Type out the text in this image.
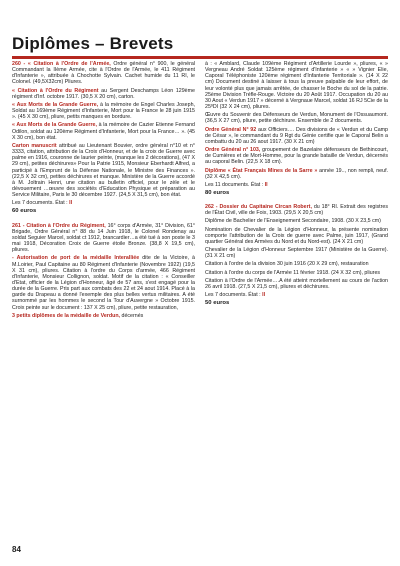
Diplômes – Brevets

260 - « Citation à l'Ordre de l'Armée, Ordre général n° 900, le général Commandant la IIème Armée, cite à l'Ordre de l'Armée, le 411 Régiment d'Infanterie », attribuée à Chochotte Sylvain. Cachet humide du 11 RI, le Colonel. (49,5X32cm) Pliures.

« Citation à l'Ordre du Régiment au Sergent Deschamps Léon 129ème régiment d'Inf. octobre 1917. (30,5 X 20 cm), carton.

« Aux Morts de la Grande Guerre, à la mémoire de Engel Charles Joseph, Soldat au 169ème Régiment d'Infanterie, Mort pour la France le 28 juin 1915 ». (45 X 30 cm), pliure, petits manques en bordure.

« Aux Morts de la Grande Guerre, à la mémoire de Cazier Etienne Fernand Odilon, soldat au 120ème Régiment d'Infanterie, Mort pour la France… ». (45 X 30 cm), bon état.

Carton manuscrit attribué au Lieutenant Bouvier, ordre général n°10 et n° 3333, citation, attribution de la Croix d'Honneur, et de la croix de Guerre avec palme en 1916, couronne de laurier peinte, (manque les 2 décorations), (47 X 29 cm), petites déchirures» Pour la Patrie 1915, Monsieur Eberhardt Alfred, a participé à l'Emprunt de la Défense Nationale, le Ministre des Finances ». (22,5 X 32 cm), petites déchirures et manque. Ministère de la Guerre accordé à M. Joltrain Henri, une citation au bulletin officiel, pour le zèle et le dévouement …œuvre des sociétés d'Education Physique et préparation au Service Militaire, Paris le 30 décembre 1927. (24,5 X 31,5 cm), bon état.

Les 7 documents. État : II

60 euros

261 - Citation à l'Ordre du Régiment, 16° corps d'Armée, 31° Division, 61° Brigade, Ordre Général n° 88 du 14 Juin 1918, le Colonel Rondenay au soldat Seguier Marcel, soldat ct 1912, brancardier…a été tué à son poste le 3 mai 1918, Décoration Croix de Guerre étoile Bronze. (38,8 X 19,5 cm), pliures.

- Autorisation de port de la médaille Interalliée dite de la Victoire, à M.Loirier, Paul Capitaine au 80 Régiment d'Infanterie (Novembre 1922) (19,5 X 31 cm), pliures. Citation à l'ordre du Corps d'armée, 466 Régiment d'Infanterie, Monsieur Collignon, soldat. Motif de la citation : « Conseiller d'Etat, officier de la Légion d'Honneur, âgé de 57 ans, s'est engagé pour la durée de la Guerre. Pris part aux combats des 22 et 24 aout 1914. Placé à la garde du Drapeau a donné l'exemple des plus belles vertus militaires. A été surnommé par les hommes le second la Tour d'Auvergne » Octobre 1915. Croix peinte sur le document : 137 X 25 cm), pliure, petite restauration,

3 petits diplômes de la médaille de Verdun, décernés

à : « Amblard, Claude 109ème Régiment d'Artillerie Lourde », pliures, « » Vergneau André Soldat 125ème régiment d'Infanterie » « » Vignier Elie, Caporal Téléphoniste 120ème régiment d'Infanterie Territoriale ». (14 X 22 cm) Document destiné à laisser à tous la preuve palpable de leur effort, de leur volonté plus que jamais arrêtée, de chasser le Boche du sol de la patrie. 25ème Division Tréfle-Rouge. Victoire du 20 Août 1917. Occupation du 20 au 30 Aout « Verdun 1917 » décerné à Vergnaue Marcel, soldat 16 RJ 5Cie de la 25ºDI (32 X 24 cm), pliures.

Œuvre du Souvenir des Défenseurs de Verdun, Monument de l'Ossuaumont. (36,5 X 27 cm), pliure, petite déchirure. Ensemble de 2 documents.

Ordre Général N° 92 aux Officiers…. Des divisions de « Verdun et du Camp de César », le commandant du 9 Rgt du Génie certifie que le Caporal Belin a combattu du 20 au 26 aout 1917. (30 X 21 cm)

Ordre Général n° 103, groupement de Bazelaire défenseurs de Bethincourt, de Cumières et de Mort-Homme, pour la grande bataille de Verdun, décernés au caporal Belin. (22,5 X 18 cm).

Diplôme « État Français Mines de la Sarre » année 19.., non rempli, neuf. (32 X 42,5 cm).

Les 11 documents. État : II

80 euros

262 - Dossier du Capitaine Circan Robert, du 18° RI. Extrait des registres de l'État Civil, ville de Foix, 1903. (29,5 X 20,5 cm)

Diplôme de Bachelier de l'Enseignement Secondaire, 1908. (30 X 23,5 cm)

Nomination de Chevalier de la Légion d'Honneur, la présente nomination comporte l'attribution de la Croix de guerre avec Palme, juin 1917, (Grand quartier Général des Armées du Nord et du Nord-est). (24 X 21 cm)

Chevalier de la Légion d'Honneur Septembre 1917 (Ministère de la Guerre). (31 X 21 cm)

Citation à l'ordre de la division 30 juin 1916 (20 X 29 cm), restauration

Citation à l'ordre du corps de l'Armée 11 février 1918. (24 X 32 cm), pliures

Citation à l'Ordre de l'Armée….A été atteint mortellement au cours de l'action 26 avril 1918. (27,5 X 21,5 cm), pliures et déchirures.

Les 7 documents. État : II

50 euros
84
